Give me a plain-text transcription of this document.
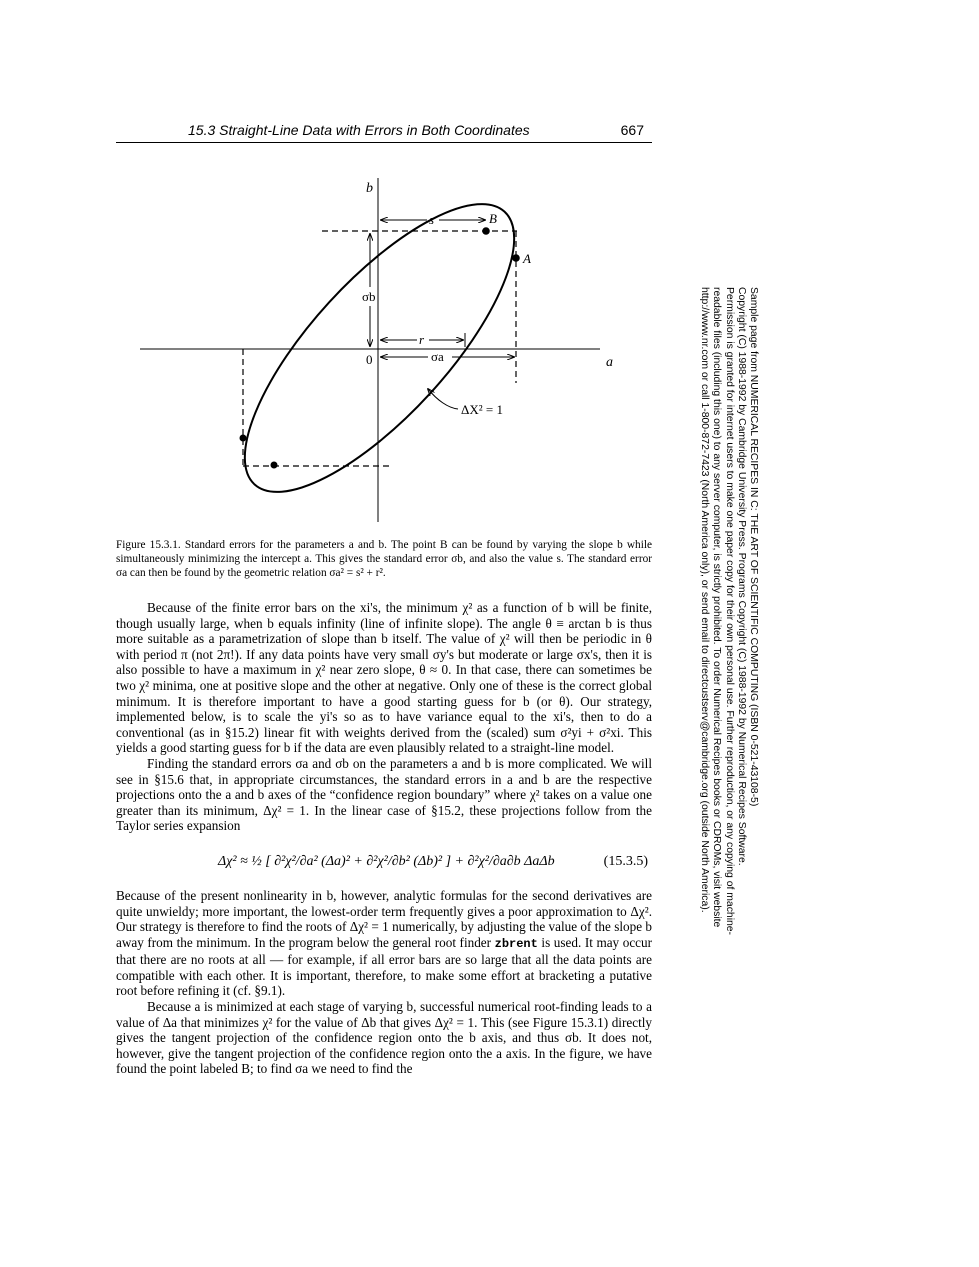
15.3 Straight-Line Data with Errors in Both Coordinates	667
b
a
0
s
r
B
A
σb
σa
ΔΧ² = 1
Figure 15.3.1. Standard errors for the parameters a and b. The point B can be found by varying the slope b while simultaneously minimizing the intercept a. This gives the standard error σb, and also the value s. The standard error σa can then be found by the geometric relation σa² = s² + r².

Because of the finite error bars on the xi's, the minimum χ² as a function of b will be finite, though usually large, when b equals infinity (line of infinite slope). The angle θ ≡ arctan b is thus more suitable as a parametrization of slope than b itself. The value of χ² will then be periodic in θ with period π (not 2π!). If any data points have very small σy's but moderate or large σx's, then it is also possible to have a maximum in χ² near zero slope, θ ≈ 0. In that case, there can sometimes be two χ² minima, one at positive slope and the other at negative. Only one of these is the correct global minimum. It is therefore important to have a good starting guess for b (or θ). Our strategy, implemented below, is to scale the yi's so as to have variance equal to the xi's, then to do a conventional (as in §15.2) linear fit with weights derived from the (scaled) sum σ²yi + σ²xi. This yields a good starting guess for b if the data are even plausibly related to a straight-line model.

Finding the standard errors σa and σb on the parameters a and b is more complicated. We will see in §15.6 that, in appropriate circumstances, the standard errors in a and b are the respective projections onto the a and b axes of the “confidence region boundary” where χ² takes on a value one greater than its minimum, Δχ² = 1. In the linear case of §15.2, these projections follow from the Taylor series expansion

Δχ² ≈ ½ [ ∂²χ²/∂a² (Δa)² + ∂²χ²/∂b² (Δb)² ] + ∂²χ²/∂a∂b ΔaΔb	(15.3.5)

Because of the present nonlinearity in b, however, analytic formulas for the second derivatives are quite unwieldy; more important, the lowest-order term frequently gives a poor approximation to Δχ². Our strategy is therefore to find the roots of Δχ² = 1 numerically, by adjusting the value of the slope b away from the minimum. In the program below the general root finder zbrent is used. It may occur that there are no roots at all — for example, if all error bars are so large that all the data points are compatible with each other. It is important, therefore, to make some effort at bracketing a putative root before refining it (cf. §9.1).

Because a is minimized at each stage of varying b, successful numerical root-finding leads to a value of Δa that minimizes χ² for the value of Δb that gives Δχ² = 1. This (see Figure 15.3.1) directly gives the tangent projection of the confidence region onto the b axis, and thus σb. It does not, however, give the tangent projection of the confidence region onto the a axis. In the figure, we have found the point labeled B; to find σa we need to find the

Sample page from NUMERICAL RECIPES IN C: THE ART OF SCIENTIFIC COMPUTING (ISBN 0-521-43108-5)
Copyright (C) 1988-1992 by Cambridge University Press. Programs Copyright (C) 1988-1992 by Numerical Recipes Software.
Permission is granted for internet users to make one paper copy for their own personal use. Further reproduction, or any copying of machine-
readable files (including this one) to any server computer, is strictly prohibited. To order Numerical Recipes books or CDROMs, visit website
http://www.nr.com or call 1-800-872-7423 (North America only), or send email to directcustserv@cambridge.org (outside North America).
